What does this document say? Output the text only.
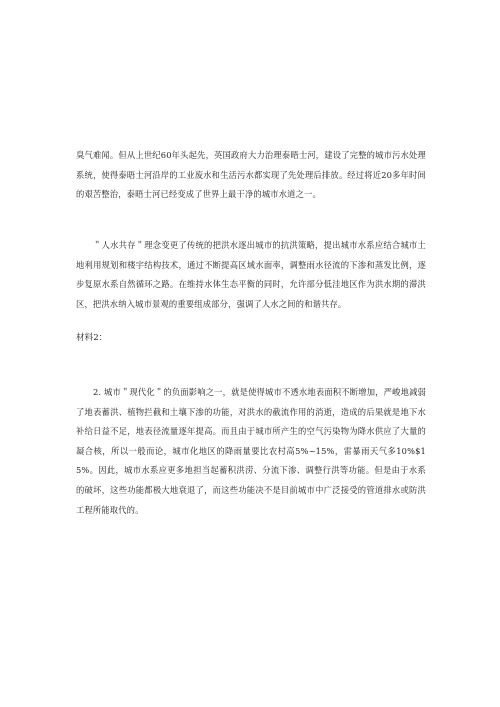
臭气难闻。但从上世纪60年头起先，英国政府大力治理泰晤士河，建设了完整的城市污水处理系统，使得泰晤士河沿岸的工业废水和生活污水都实现了先处理后排放。经过将近20多年时间的艰苦整治，泰晤士河已经变成了世界上最干净的城市水道之一。

＂人水共存＂理念变更了传统的把洪水逐出城市的抗洪策略，提出城市水系应结合城市土地利用规划和楼宇结构技术，通过不断提高区域水面率，调整雨水径流的下渗和蒸发比例，逐步复原水系自然循环之路。在维持水体生态平衡的同时，允许部分低洼地区作为洪水期的滞洪区，把洪水纳入城市景观的重要组成部分，强调了人水之间的和谐共存。

材料2：

2. 城市＂现代化＂的负面影响之一，就是使得城市不透水地表面积不断增加，严峻地减弱了地表蓄洪、植物拦截和土壤下渗的功能，对洪水的截流作用的消逝，造成的后果就是地下水补给日益不足，地表径流量逐年提高。而且由于城市所产生的空气污染物为降水供应了大量的凝合核，所以一般而论，城市化地区的降雨量要比农村高5%~15%，雷暴雨天气多10%$15%。因此，城市水系应更多地担当起蓄积洪涝、分流下渗、调整行洪等功能。但是由于水系的破坏，这些功能都极大地衰退了，而这些功能决不是目前城市中广泛接受的管道排水或防洪工程所能取代的。
